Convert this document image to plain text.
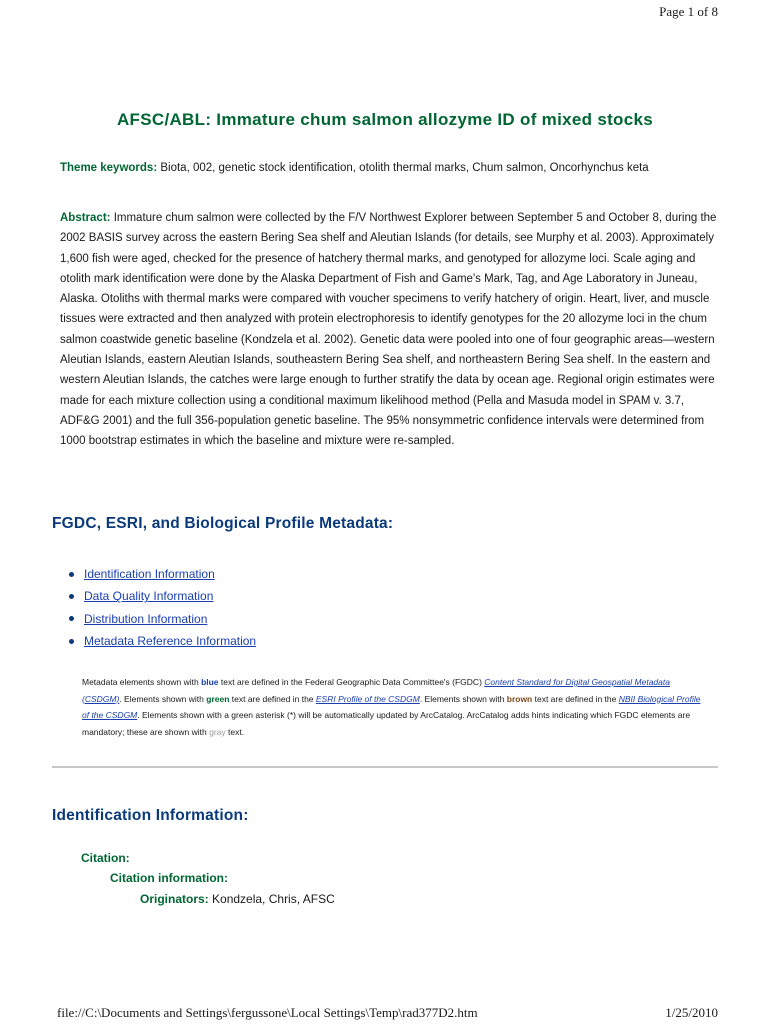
Page 1 of 8
AFSC/ABL: Immature chum salmon allozyme ID of mixed stocks
Theme keywords: Biota, 002, genetic stock identification, otolith thermal marks, Chum salmon, Oncorhynchus keta
Abstract: Immature chum salmon were collected by the F/V Northwest Explorer between September 5 and October 8, during the 2002 BASIS survey across the eastern Bering Sea shelf and Aleutian Islands (for details, see Murphy et al. 2003). Approximately 1,600 fish were aged, checked for the presence of hatchery thermal marks, and genotyped for allozyme loci. Scale aging and otolith mark identification were done by the Alaska Department of Fish and Game's Mark, Tag, and Age Laboratory in Juneau, Alaska. Otoliths with thermal marks were compared with voucher specimens to verify hatchery of origin. Heart, liver, and muscle tissues were extracted and then analyzed with protein electrophoresis to identify genotypes for the 20 allozyme loci in the chum salmon coastwide genetic baseline (Kondzela et al. 2002). Genetic data were pooled into one of four geographic areas—western Aleutian Islands, eastern Aleutian Islands, southeastern Bering Sea shelf, and northeastern Bering Sea shelf. In the eastern and western Aleutian Islands, the catches were large enough to further stratify the data by ocean age. Regional origin estimates were made for each mixture collection using a conditional maximum likelihood method (Pella and Masuda model in SPAM v. 3.7, ADF&G 2001) and the full 356-population genetic baseline. The 95% nonsymmetric confidence intervals were determined from 1000 bootstrap estimates in which the baseline and mixture were re-sampled.
FGDC, ESRI, and Biological Profile Metadata:
Identification Information
Data Quality Information
Distribution Information
Metadata Reference Information
Metadata elements shown with blue text are defined in the Federal Geographic Data Committee's (FGDC) Content Standard for Digital Geospatial Metadata (CSDGM). Elements shown with green text are defined in the ESRI Profile of the CSDGM. Elements shown with brown text are defined in the NBII Biological Profile of the CSDGM. Elements shown with a green asterisk (*) will be automatically updated by ArcCatalog. ArcCatalog adds hints indicating which FGDC elements are mandatory; these are shown with gray text.
Identification Information:
Citation:
Citation information:
Originators: Kondzela, Chris, AFSC
file://C:\Documents and Settings\fergussone\Local Settings\Temp\rad377D2.htm	1/25/2010
